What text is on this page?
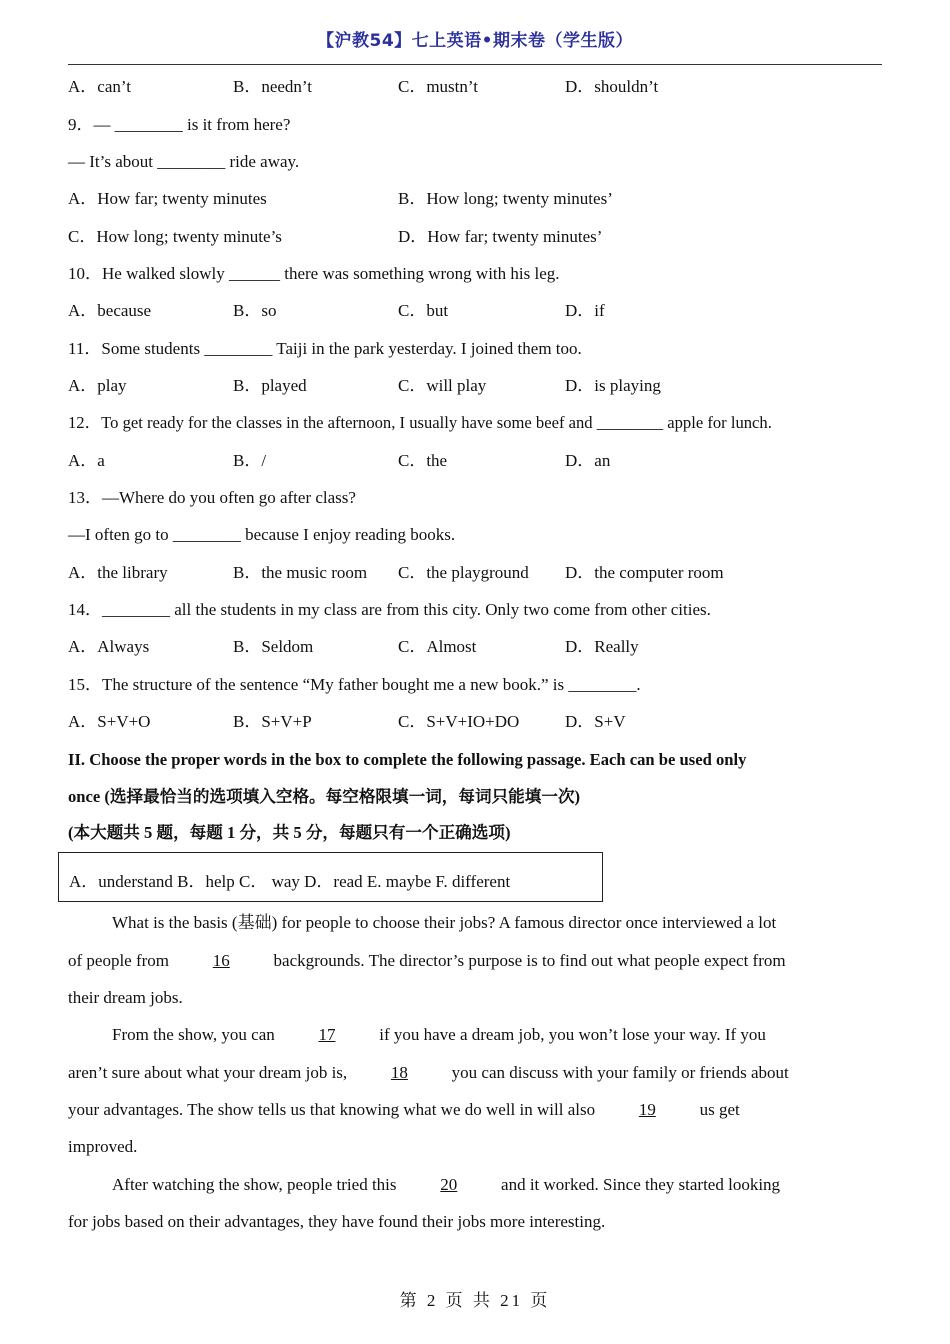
【沪教54】七上英语•期末卷（学生版）
A．can’t	B．needn’t	C．mustn’t	D．shouldn’t
9．— ________ is it from here?
— It’s about ________ ride away.
A．How far; twenty minutes	B．How long; twenty minutes’
C．How long; twenty minute’s	D．How far; twenty minutes’
10．He walked slowly ______ there was something wrong with his leg.
A．because	B．so	C．but	D．if
11．Some students ________ Taiji in the park yesterday. I joined them too.
A．play	B．played	C．will play	D．is playing
12．To get ready for the classes in the afternoon, I usually have some beef and ________ apple for lunch.
A．a	B．/	C．the	D．an
13．—Where do you often go after class?
—I often go to ________ because I enjoy reading books.
A．the library	B．the music room C．the playground D．the computer room
14．________ all the students in my class are from this city. Only two come from other cities.
A．Always	B．Seldom	C．Almost	D．Really
15．The structure of the sentence “My father bought me a new book.” is ________.
A．S+V+O	B．S+V+P	C．S+V+IO+DO	D．S+V
II. Choose the proper words in the box to complete the following passage. Each can be used only
once (选择最恰当的选项填入空格。每空格限填一词，每词只能填一次)
(本大题共 5 题，每题 1 分，共 5 分，每题只有一个正确选项)
A．understand B．help C． way D．read E. maybe F. different
What is the basis (基础) for people to choose their jobs? A famous director once interviewed a lot
of people from 16	backgrounds. The director’s purpose is to find out what people expect from
their dream jobs.
From the show, you can 17	if you have a dream job, you won’t lose your way. If you
aren’t sure about what your dream job is, 18	you can discuss with your family or friends about
your advantages. The show tells us that knowing what we do well in will also 19	us get
improved.
After watching the show, people tried this 20	and it worked. Since they started looking
for jobs based on their advantages, they have found their jobs more interesting.
第 2 页 共 21 页
